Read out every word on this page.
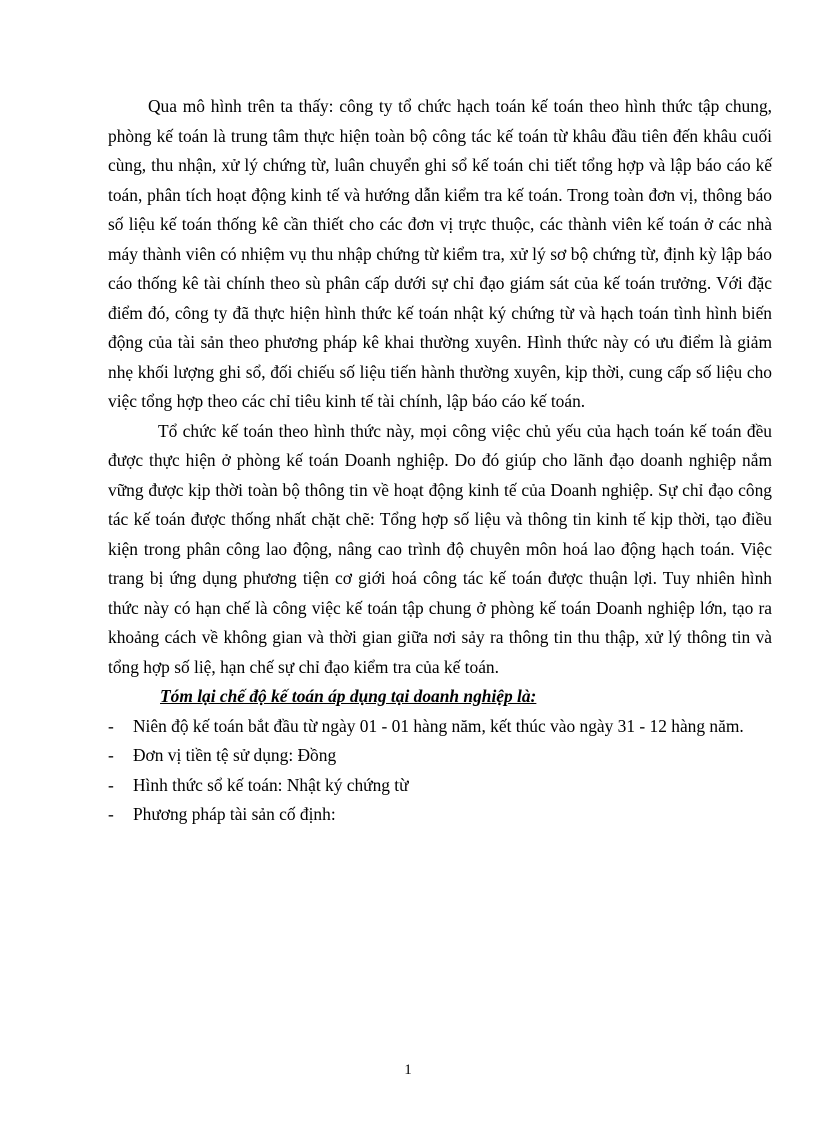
Qua mô hình trên ta thấy: công ty tổ chức hạch toán kế toán theo hình thức tập chung, phòng kế toán là trung tâm thực hiện toàn bộ công tác kế toán từ khâu đầu tiên đến khâu cuối cùng, thu nhận, xử lý chứng từ, luân chuyển ghi sổ kế toán chi tiết tổng hợp và lập báo cáo kế toán, phân tích hoạt động kinh tế và hướng dẫn kiểm tra kế toán. Trong toàn đơn vị, thông báo số liệu kế toán thống kê cần thiết cho các đơn vị trực thuộc, các thành viên kế toán ở các nhà máy thành viên có nhiệm vụ thu nhập chứng từ kiểm tra, xử lý sơ bộ chứng từ, định kỳ lập báo cáo thống kê tài chính theo sù phân cấp dưới sự chỉ đạo giám sát của kế toán trưởng. Với đặc điểm đó, công ty đã thực hiện hình thức kế toán nhật ký chứng từ và hạch toán tình hình biến động của tài sản theo phương pháp kê khai thường xuyên. Hình thức này có ưu điểm là giảm nhẹ khối lượng ghi sổ, đối chiếu số liệu tiến hành thường xuyên, kịp thời, cung cấp số liệu cho việc tổng hợp theo các chỉ tiêu kinh tế tài chính, lập báo cáo kế toán.

Tổ chức kế toán theo hình thức này, mọi công việc chủ yếu của hạch toán kế toán đều được thực hiện ở phòng kế toán Doanh nghiệp. Do đó giúp cho lãnh đạo doanh nghiệp nắm vững được kịp thời toàn bộ thông tin về hoạt động kinh tế của Doanh nghiệp. Sự chỉ đạo công tác kế toán được thống nhất chặt chẽ: Tổng hợp số liệu và thông tin kinh tế kịp thời, tạo điều kiện trong phân công lao động, nâng cao trình độ chuyên môn hoá lao động hạch toán. Việc trang bị ứng dụng phương tiện cơ giới hoá công tác kế toán được thuận lợi. Tuy nhiên hình thức này có hạn chế là công việc kế toán tập chung ở phòng kế toán Doanh nghiệp lớn, tạo ra khoảng cách về không gian và thời gian giữa nơi sảy ra thông tin thu thập, xử lý thông tin và tổng hợp số liệ, hạn chế sự chỉ đạo kiểm tra của kế toán.

Tóm lại chế độ kế toán áp dụng tại doanh nghiệp là:

- Niên độ kế toán bắt đầu từ ngày 01 - 01 hàng năm, kết thúc vào ngày 31 - 12 hàng năm.
- Đơn vị tiền tệ sử dụng: Đồng
- Hình thức sổ kế toán: Nhật ký chứng từ
- Phương pháp tài sản cố định:
1
